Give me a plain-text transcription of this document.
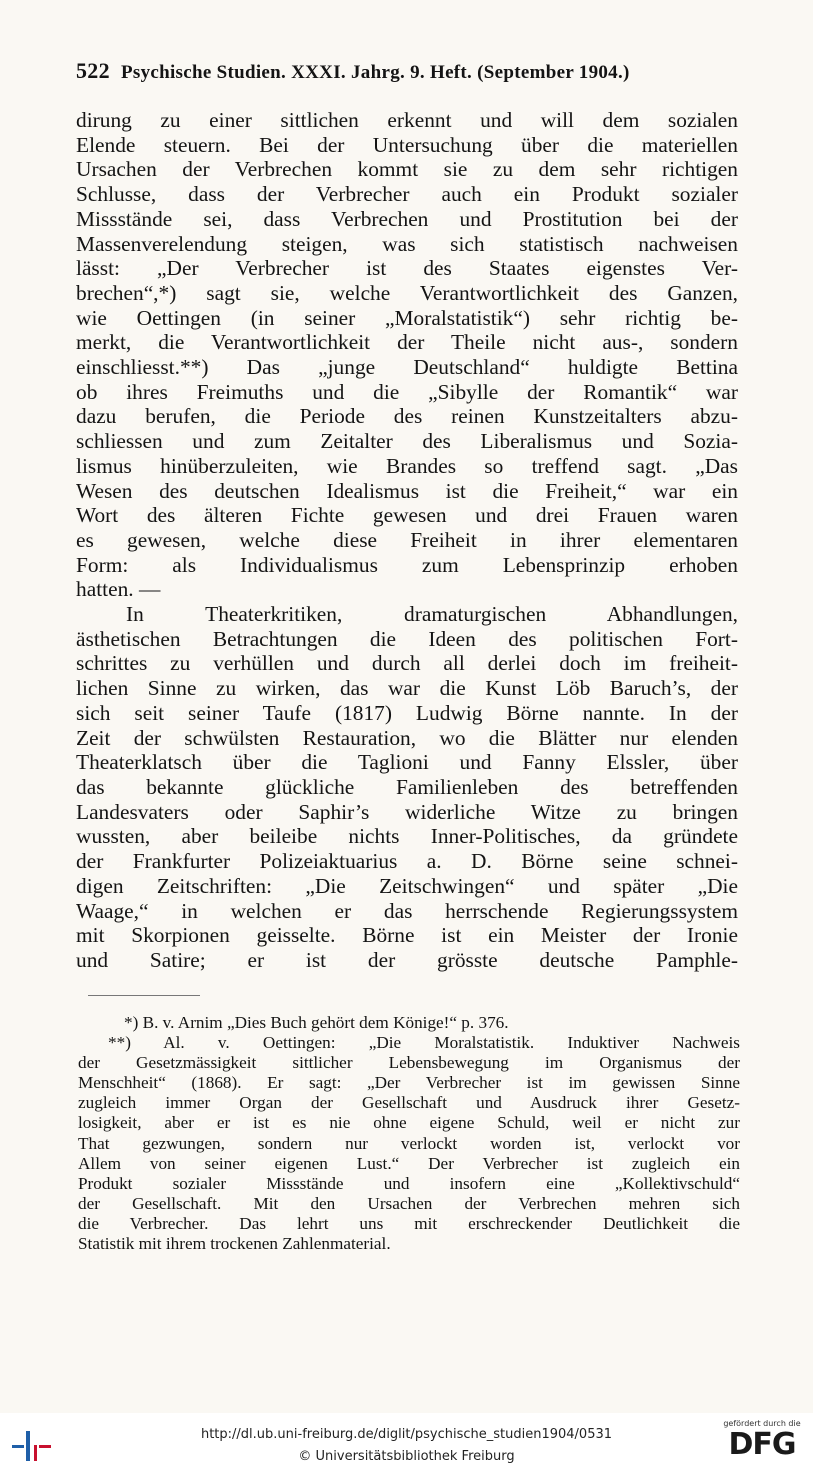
522 Psychische Studien. XXXI. Jahrg. 9. Heft. (September 1904.)
dirung zu einer sittlichen erkennt und will dem sozialen
Elende steuern. Bei der Untersuchung über die materiellen
Ursachen der Verbrechen kommt sie zu dem sehr richtigen
Schlusse, dass der Verbrecher auch ein Produkt sozialer
Missstände sei, dass Verbrechen und Prostitution bei der
Massenverelendung steigen, was sich statistisch nachweisen
lässt: „Der Verbrecher ist des Staates eigenstes Ver-
brechen“,*) sagt sie, welche Verantwortlichkeit des Ganzen,
wie Oettingen (in seiner „Moralstatistik“) sehr richtig be-
merkt, die Verantwortlichkeit der Theile nicht aus-, sondern
einschliesst.**) Das „junge Deutschland“ huldigte Bettina
ob ihres Freimuths und die „Sibylle der Romantik“ war
dazu berufen, die Periode des reinen Kunstzeitalters abzu-
schliessen und zum Zeitalter des Liberalismus und Sozia-
lismus hinüberzuleiten, wie Brandes so treffend sagt. „Das
Wesen des deutschen Idealismus ist die Freiheit,“ war ein
Wort des älteren Fichte gewesen und drei Frauen waren
es gewesen, welche diese Freiheit in ihrer elementaren
Form: als Individualismus zum Lebensprinzip erhoben
hatten. —
In Theaterkritiken, dramaturgischen Abhandlungen,
ästhetischen Betrachtungen die Ideen des politischen Fort-
schrittes zu verhüllen und durch all derlei doch im freiheit-
lichen Sinne zu wirken, das war die Kunst Löb Baruch’s, der
sich seit seiner Taufe (1817) Ludwig Börne nannte. In der
Zeit der schwülsten Restauration, wo die Blätter nur elenden
Theaterklatsch über die Taglioni und Fanny Elssler, über
das bekannte glückliche Familienleben des betreffenden
Landesvaters oder Saphir’s widerliche Witze zu bringen
wussten, aber beileibe nichts Inner-Politisches, da gründete
der Frankfurter Polizeiaktuarius a. D. Börne seine schnei-
digen Zeitschriften: „Die Zeitschwingen“ und später „Die
Waage,“ in welchen er das herrschende Regierungssystem
mit Skorpionen geisselte. Börne ist ein Meister der Ironie
und Satire; er ist der grösste deutsche Pamphle-
*) B. v. Arnim „Dies Buch gehört dem Könige!“ p. 376.
**) Al. v. Oettingen: „Die Moralstatistik. Induktiver Nachweis
der Gesetzmässigkeit sittlicher Lebensbewegung im Organismus der
Menschheit“ (1868). Er sagt: „Der Verbrecher ist im gewissen Sinne
zugleich immer Organ der Gesellschaft und Ausdruck ihrer Gesetz-
losigkeit, aber er ist es nie ohne eigene Schuld, weil er nicht zur
That gezwungen, sondern nur verlockt worden ist, verlockt vor
Allem von seiner eigenen Lust.“ Der Verbrecher ist zugleich ein
Produkt sozialer Missstände und insofern eine „Kollektivschuld“
der Gesellschaft. Mit den Ursachen der Verbrechen mehren sich
die Verbrecher. Das lehrt uns mit erschreckender Deutlichkeit die
Statistik mit ihrem trockenen Zahlenmaterial.
http://dl.ub.uni-freiburg.de/diglit/psychische_studien1904/0531
© Universitätsbibliothek Freiburg
gefördert durch die
DFG
